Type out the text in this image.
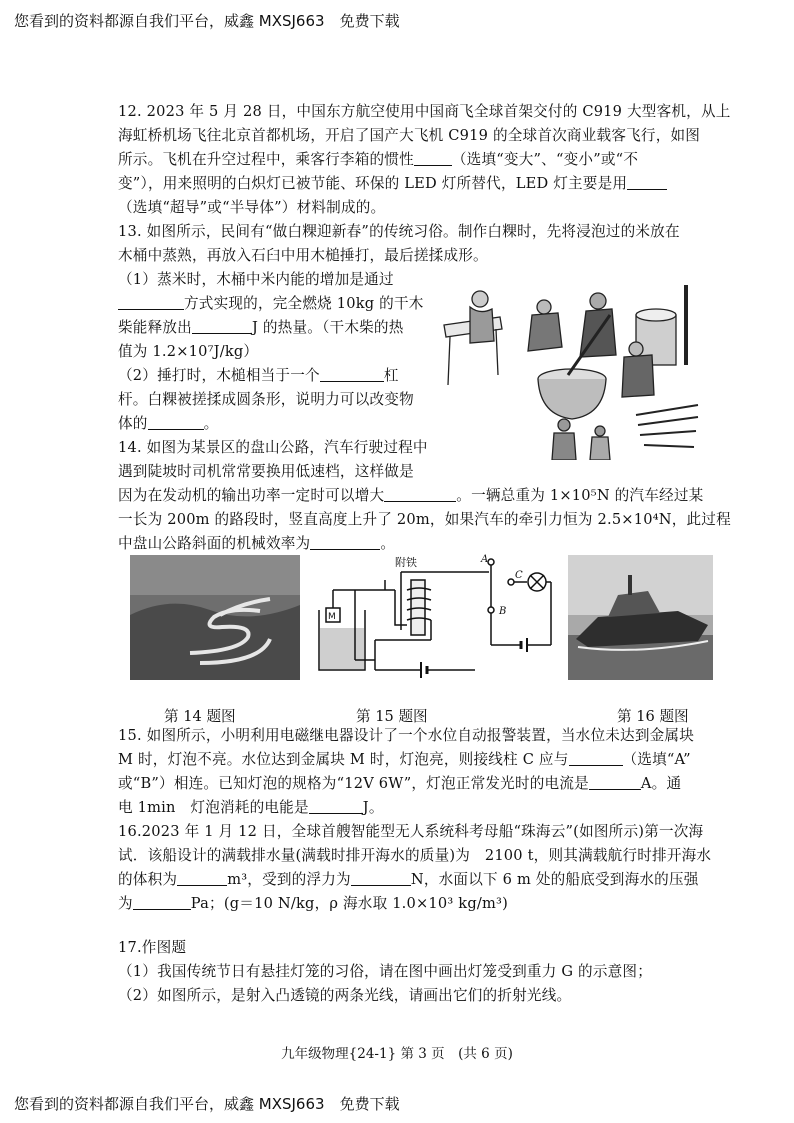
您看到的资料都源自我们平台，威鑫 MXSJ663　免费下载
12. 2023 年 5 月 28 日，中国东方航空使用中国商飞全球首架交付的 C919 大型客机，从上
海虹桥机场飞往北京首都机场，开启了国产大飞机 C919 的全球首次商业载客飞行，如图
所示。飞机在升空过程中，乘客行李箱的惯性	（选填“变大”、“变小”或“不
变”），用来照明的白炽灯已被节能、环保的 LED 灯所替代，LED 灯主要是用
（选填“超导”或“半导体”）材料制成的。
13. 如图所示，民间有“做白粿迎新春”的传统习俗。制作白粿时，先将浸泡过的米放在
木桶中蒸熟，再放入石臼中用木槌捶打，最后搓揉成形。
（1）蒸米时，木桶中米内能的增加是通过
方式实现的，完全燃烧 10kg 的干木
柴能释放出	J 的热量。（干木柴的热
值为 1.2×10⁷J/kg）
（2）捶打时，木槌相当于一个	杠
杆。白粿被搓揉成圆条形，说明力可以改变物
体的	。
14. 如图为某景区的盘山公路，汽车行驶过程中
遇到陡坡时司机常常要换用低速档，这样做是
因为在发动机的输出功率一定时可以增大	。一辆总重为 1×10⁵N 的汽车经过某
一长为 200m 的路段时，竖直高度上升了 20m，如果汽车的牵引力恒为 2.5×10⁴N，此过程
中盘山公路斜面的机械效率为	。
附铁	A
B
C
M
第 14 题图	第 15 题图	第 16 题图
15. 如图所示，小明利用电磁继电器设计了一个水位自动报警装置，当水位未达到金属块
M 时，灯泡不亮。水位达到金属块 M 时，灯泡亮，则接线柱 C 应与	（选填“A”
或“B”）相连。已知灯泡的规格为“12V 6W”，灯泡正常发光时的电流是	A。通
电 1min　灯泡消耗的电能是	J。
16.2023 年 1 月 12 日，全球首艘智能型无人系统科考母船“珠海云”(如图所示)第一次海
试．该船设计的满载排水量(满载时排开海水的质量)为　2100 t，则其满载航行时排开海水
的体积为	m³，受到的浮力为	N，水面以下 6 m 处的船底受到海水的压强
为	Pa；(g＝10 N/kg，ρ 海水取 1.0×10³ kg/m³)
17.作图题
（1）我国传统节日有悬挂灯笼的习俗，请在图中画出灯笼受到重力 G 的示意图；
（2）如图所示，是射入凸透镜的两条光线，请画出它们的折射光线。
九年级物理{24-1} 第 3 页　(共 6 页)
您看到的资料都源自我们平台，威鑫 MXSJ663　免费下载
